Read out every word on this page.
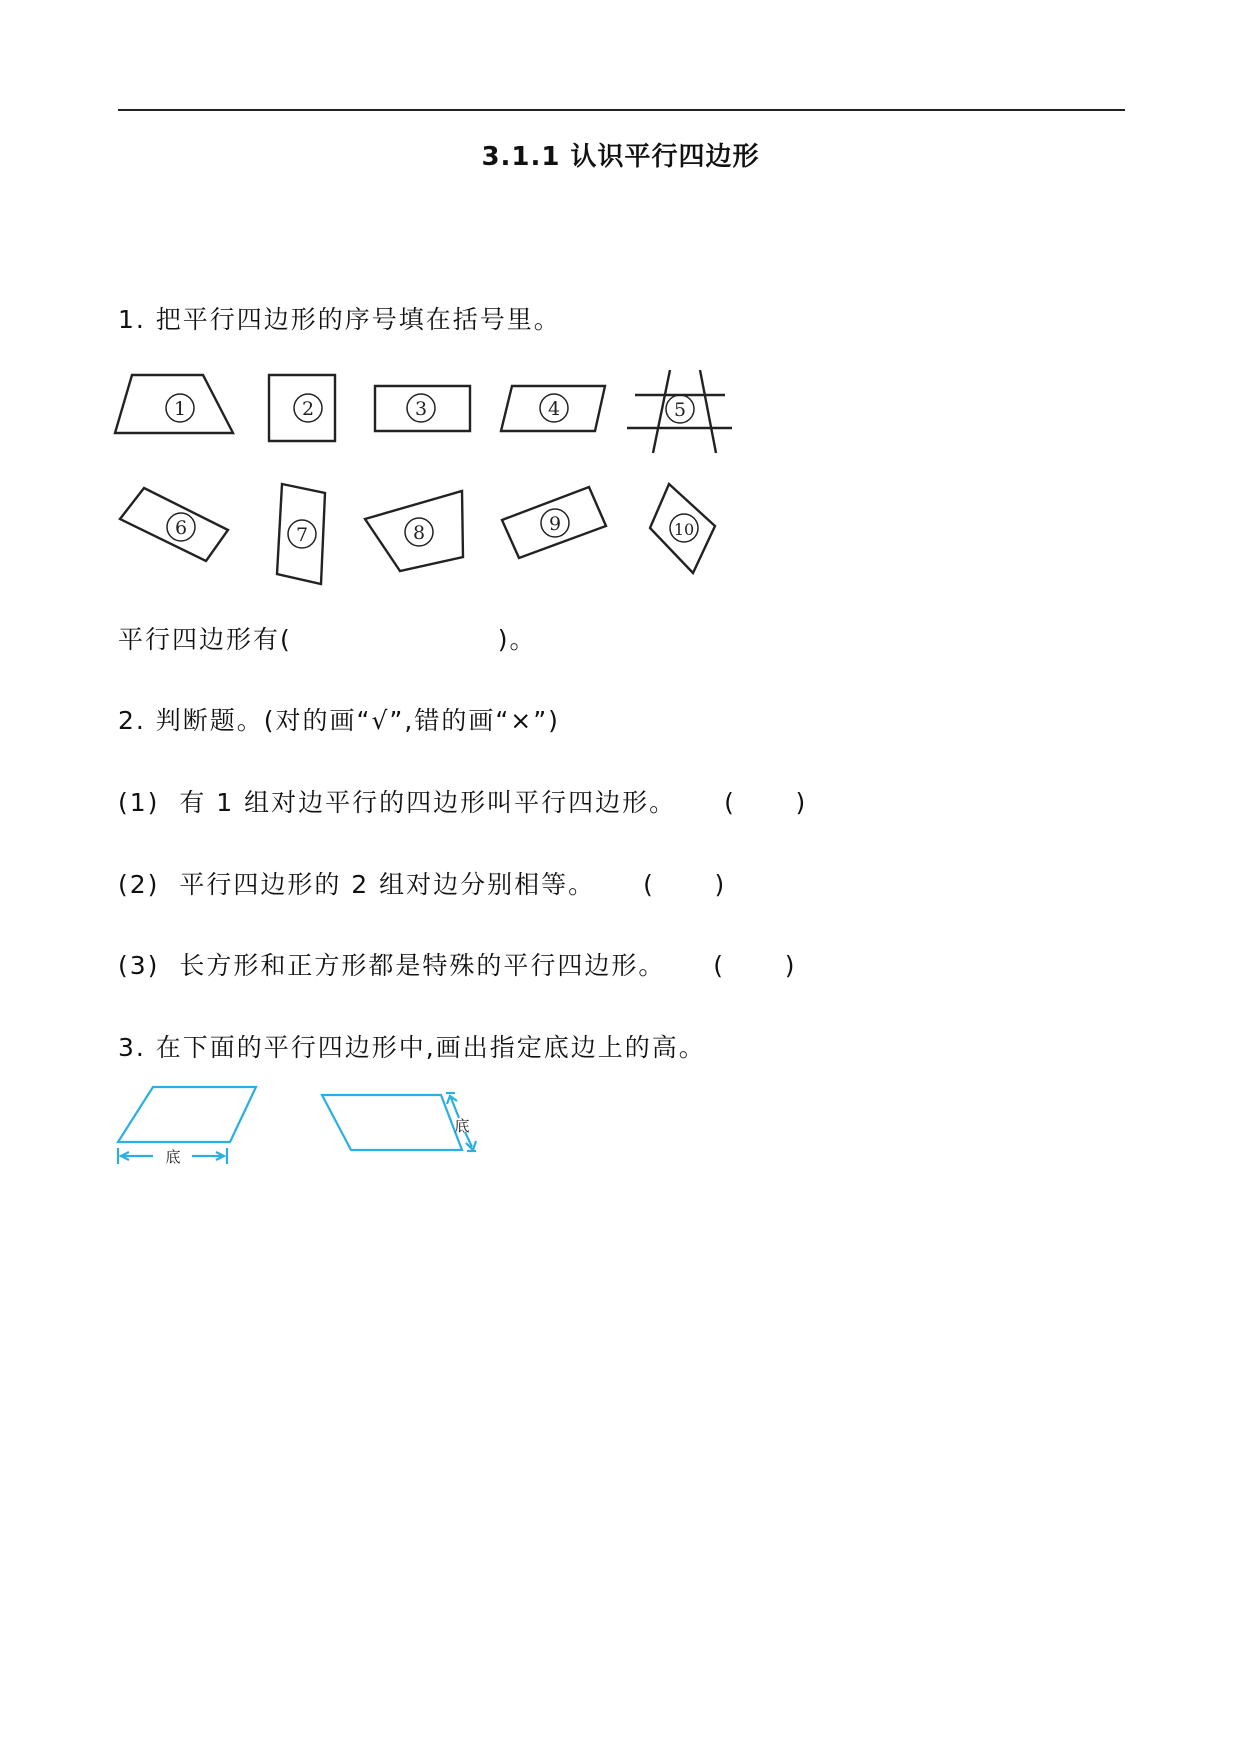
3.1.1 认识平行四边形
1. 把平行四边形的序号填在括号里。
1	2	3	4	5
6	7	8	9	10
平行四边形有(	)。
2. 判断题。(对的画“√”,错的画“×”)
(1) 有 1 组对边平行的四边形叫平行四边形。 (      )
(2) 平行四边形的 2 组对边分别相等。 (      )
(3) 长方形和正方形都是特殊的平行四边形。 (      )
3. 在下面的平行四边形中,画出指定底边上的高。
底
底
